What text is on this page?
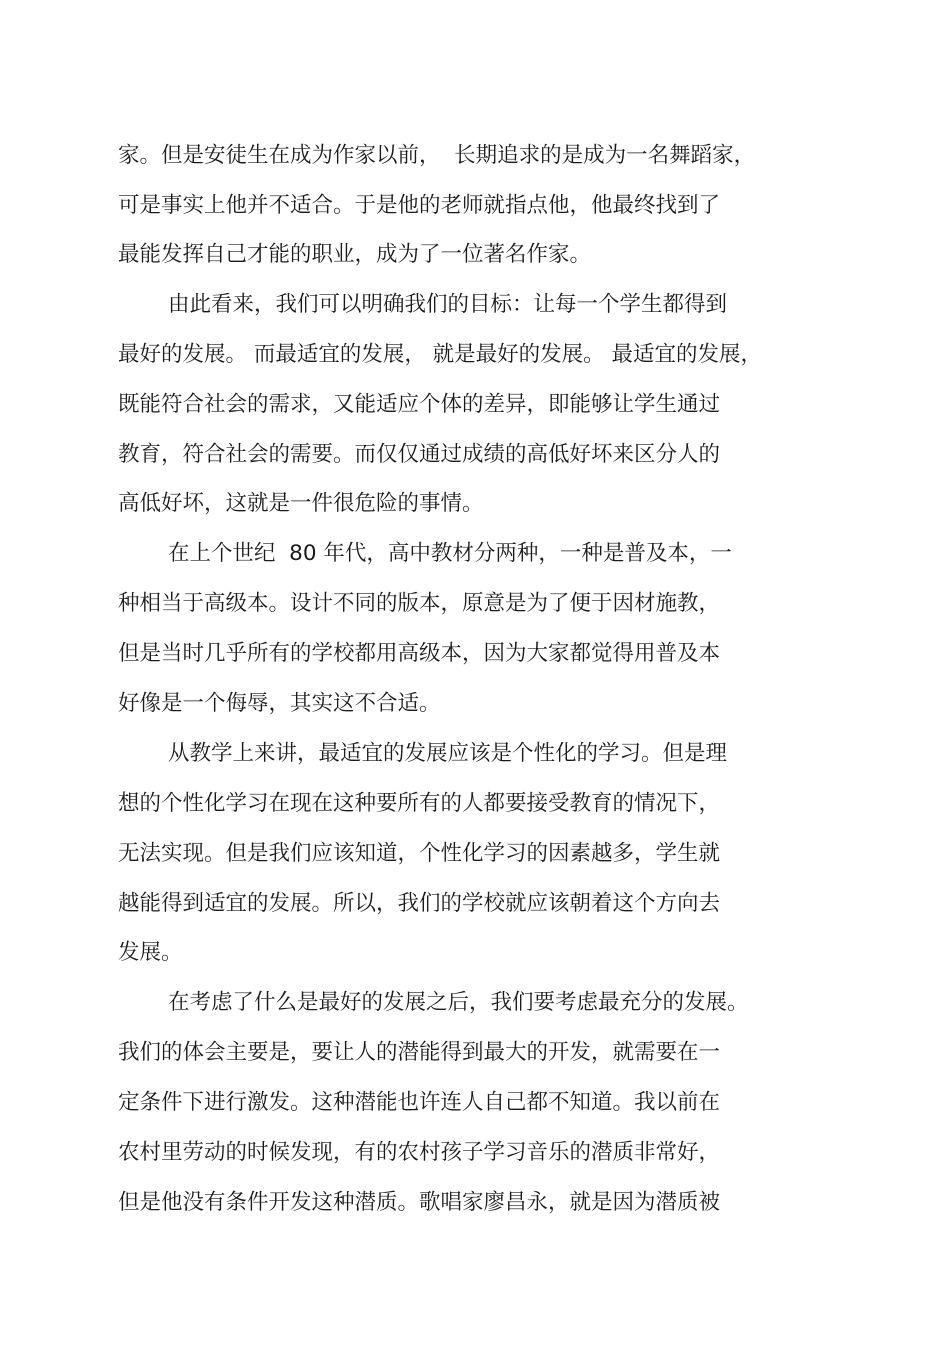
家。但是安徒生在成为作家以前，  长期追求的是成为一名舞蹈家，
可是事实上他并不适合。于是他的老师就指点他，他最终找到了
最能发挥自己才能的职业，成为了一位著名作家。
由此看来，我们可以明确我们的目标：让每一个学生都得到
最好的发展。 而最适宜的发展， 就是最好的发展。 最适宜的发展，
既能符合社会的需求，又能适应个体的差异，即能够让学生通过
教育，符合社会的需要。而仅仅通过成绩的高低好坏来区分人的
高低好坏，这就是一件很危险的事情。
在上个世纪  80 年代，高中教材分两种，一种是普及本，一
种相当于高级本。设计不同的版本，原意是为了便于因材施教，
但是当时几乎所有的学校都用高级本，因为大家都觉得用普及本
好像是一个侮辱，其实这不合适。
从教学上来讲，最适宜的发展应该是个性化的学习。但是理
想的个性化学习在现在这种要所有的人都要接受教育的情况下，
无法实现。但是我们应该知道，个性化学习的因素越多，学生就
越能得到适宜的发展。所以，我们的学校就应该朝着这个方向去
发展。
在考虑了什么是最好的发展之后，我们要考虑最充分的发展。
我们的体会主要是，要让人的潜能得到最大的开发，就需要在一
定条件下进行激发。这种潜能也许连人自己都不知道。我以前在
农村里劳动的时候发现，有的农村孩子学习音乐的潜质非常好，
但是他没有条件开发这种潜质。歌唱家廖昌永，就是因为潜质被
